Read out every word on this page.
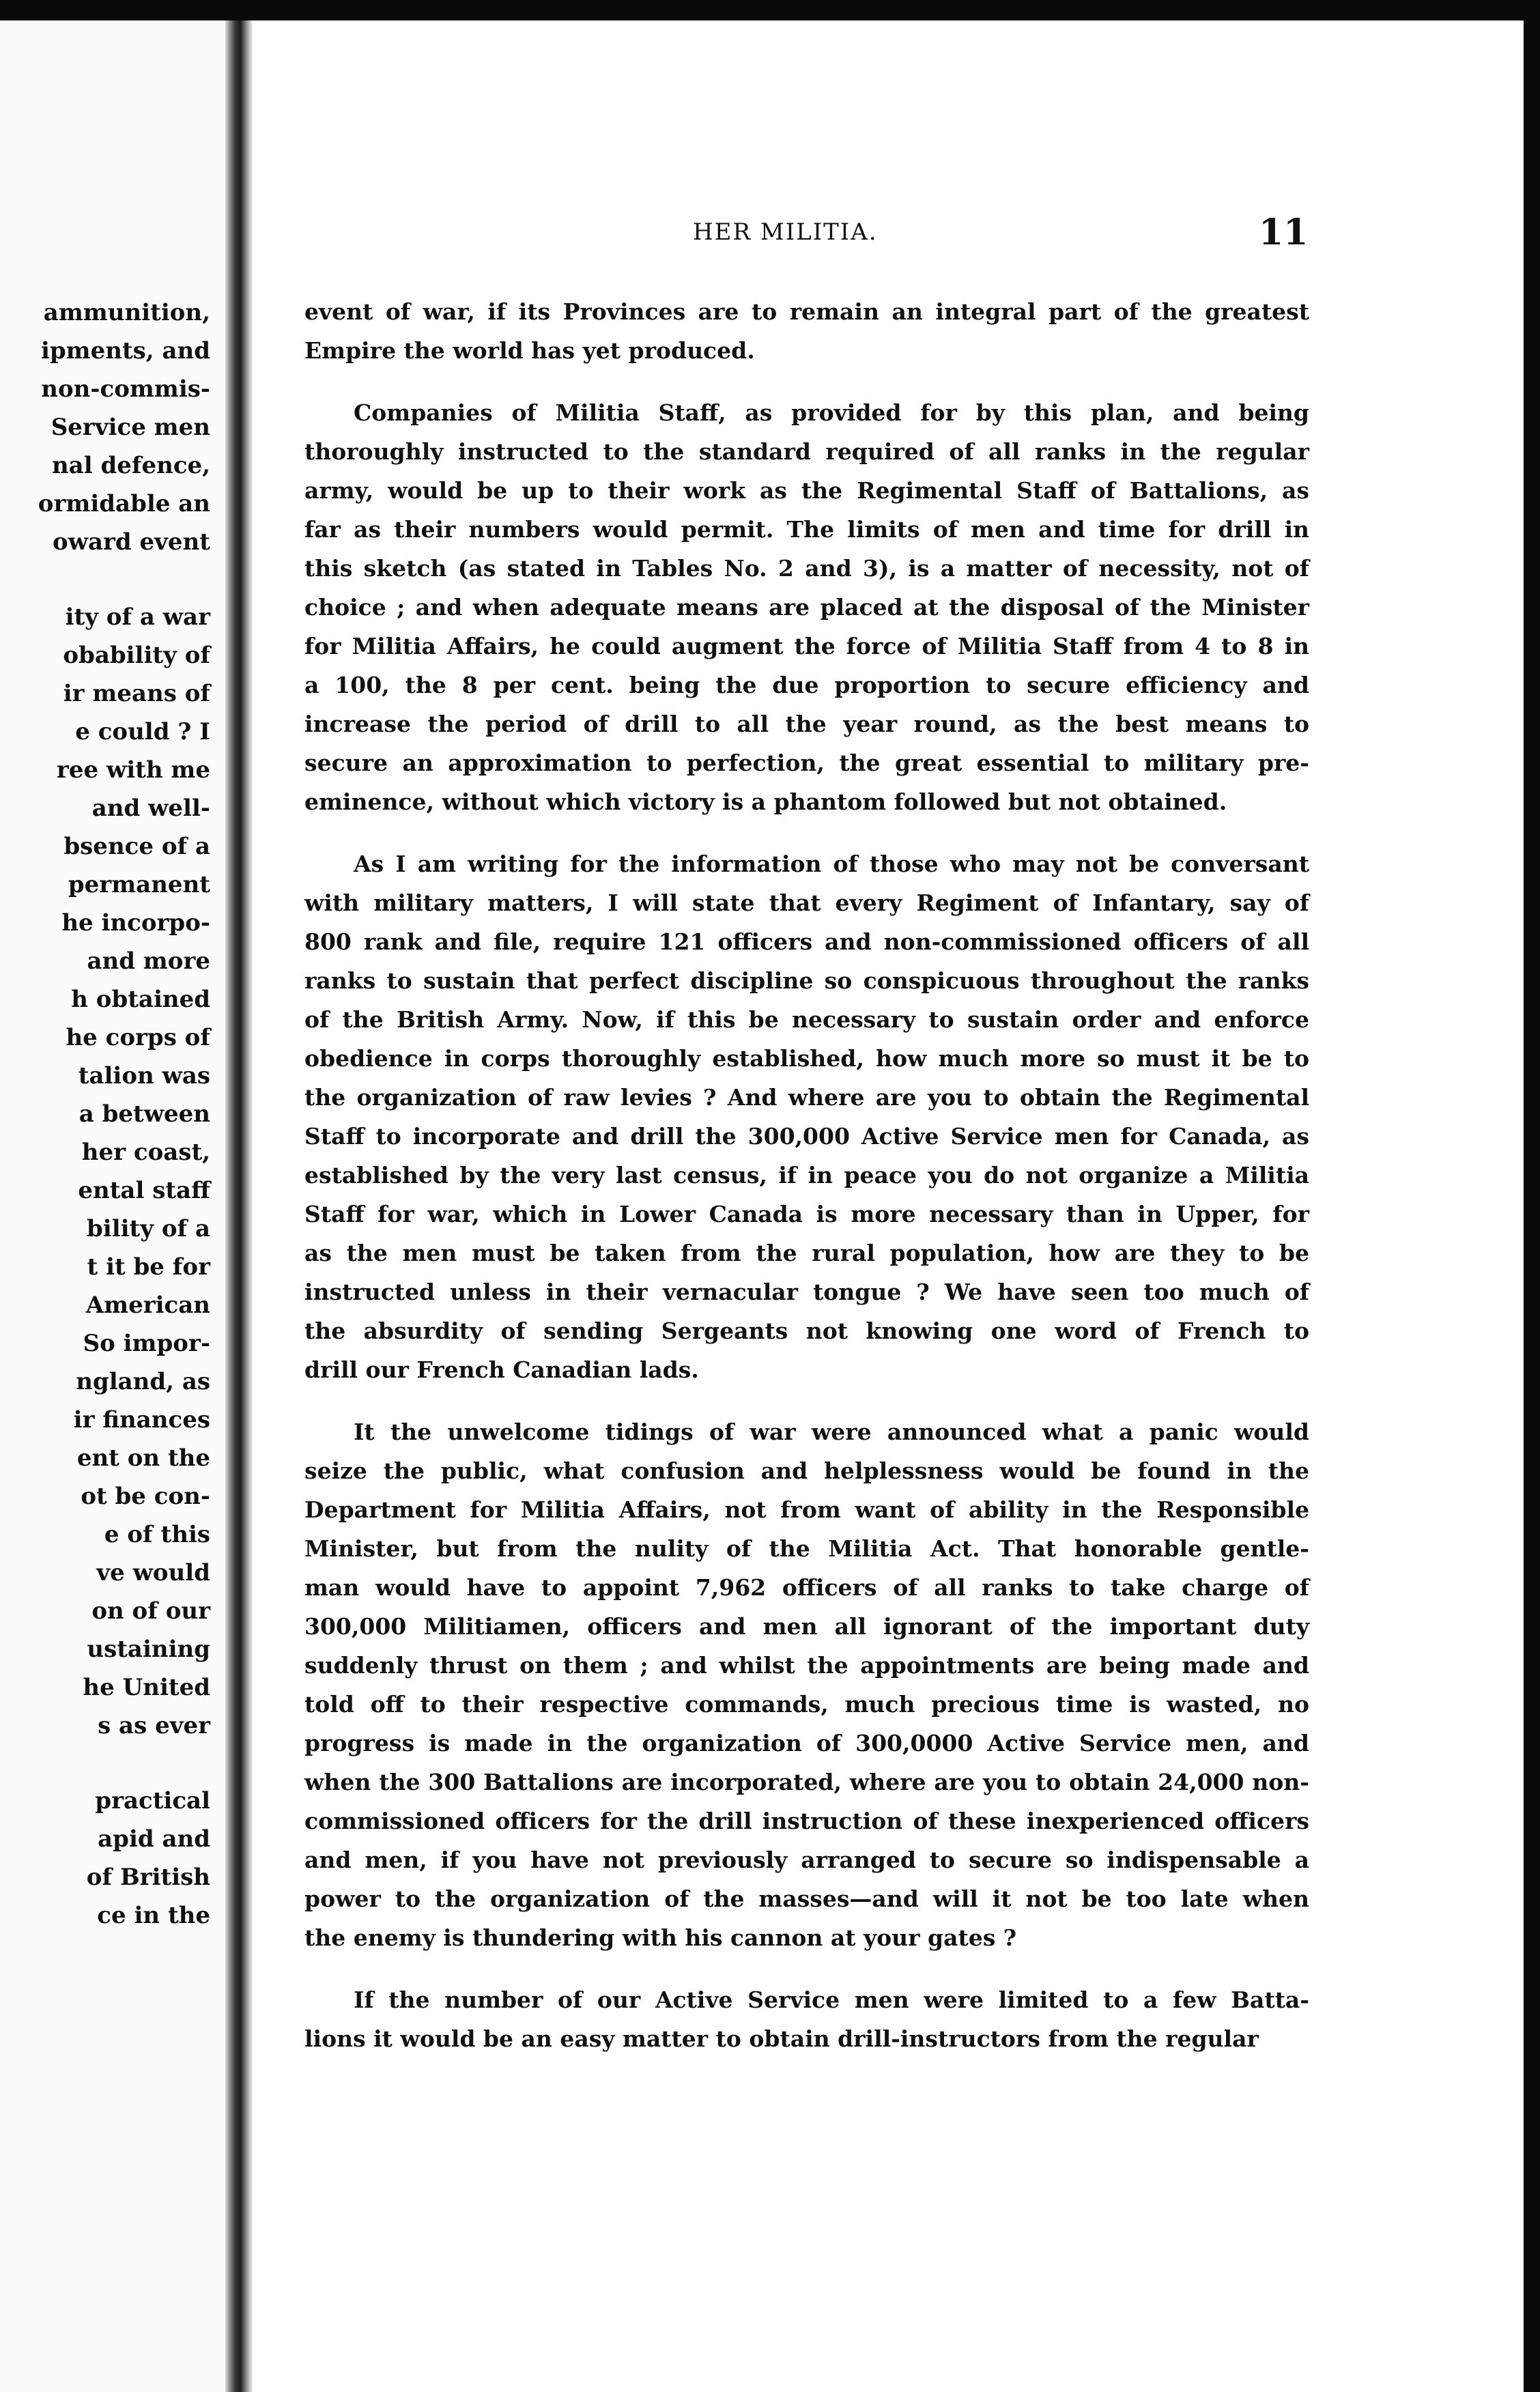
ammunition,
ipments, and
non-commis-
Service men
nal defence,
ormidable an
oward event
ity of a war
obability of
ir means of
e could ? I
ree with me
and well-
bsence of a
permanent
he incorpo-
and more
h obtained
he corps of
talion was
a between
her coast,
ental staff
bility of a
t it be for
American
So impor-
ngland, as
ir finances
ent on the
ot be con-
e of this
ve would
on of our
ustaining
he United
s as ever
practical
apid and
of British
ce in the
HER MILITIA.	11
event of war, if its Provinces are to remain an integral part of the greatest
Empire the world has yet produced.
Companies of Militia Staff, as provided for by this plan, and being
thoroughly instructed to the standard required of all ranks in the regular
army, would be up to their work as the Regimental Staff of Battalions, as
far as their numbers would permit. The limits of men and time for drill in
this sketch (as stated in Tables No. 2 and 3), is a matter of necessity, not of
choice ; and when adequate means are placed at the disposal of the Minister
for Militia Affairs, he could augment the force of Militia Staff from 4 to 8 in
a 100, the 8 per cent. being the due proportion to secure efficiency and
increase the period of drill to all the year round, as the best means to
secure an approximation to perfection, the great essential to military pre-
eminence, without which victory is a phantom followed but not obtained.
As I am writing for the information of those who may not be conversant
with military matters, I will state that every Regiment of Infantary, say of
800 rank and file, require 121 officers and non-commissioned officers of all
ranks to sustain that perfect discipline so conspicuous throughout the ranks
of the British Army. Now, if this be necessary to sustain order and enforce
obedience in corps thoroughly established, how much more so must it be to
the organization of raw levies ? And where are you to obtain the Regimental
Staff to incorporate and drill the 300,000 Active Service men for Canada, as
established by the very last census, if in peace you do not organize a Militia
Staff for war, which in Lower Canada is more necessary than in Upper, for
as the men must be taken from the rural population, how are they to be
instructed unless in their vernacular tongue ? We have seen too much of
the absurdity of sending Sergeants not knowing one word of French to
drill our French Canadian lads.
It the unwelcome tidings of war were announced what a panic would
seize the public, what confusion and helplessness would be found in the
Department for Militia Affairs, not from want of ability in the Responsible
Minister, but from the nulity of the Militia Act. That honorable gentle-
man would have to appoint 7,962 officers of all ranks to take charge of
300,000 Militiamen, officers and men all ignorant of the important duty
suddenly thrust on them ; and whilst the appointments are being made and
told off to their respective commands, much precious time is wasted, no
progress is made in the organization of 300,0000 Active Service men, and
when the 300 Battalions are incorporated, where are you to obtain 24,000 non-
commissioned officers for the drill instruction of these inexperienced officers
and men, if you have not previously arranged to secure so indispensable a
power to the organization of the masses—and will it not be too late when
the enemy is thundering with his cannon at your gates ?
If the number of our Active Service men were limited to a few Batta-
lions it would be an easy matter to obtain drill-instructors from the regular
